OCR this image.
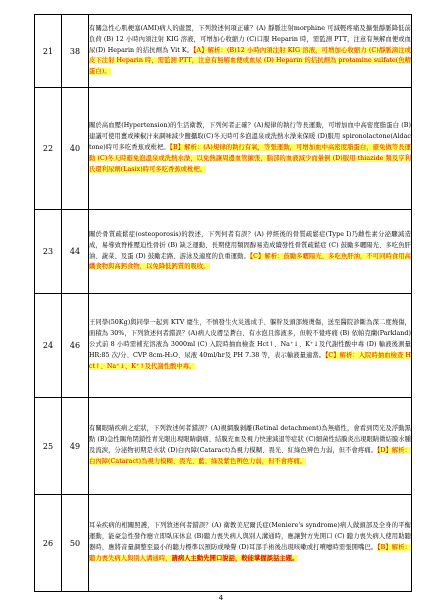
21	38	有關急性心肌梗塞(AMI)病人的處置，下列敘述何項正確？(A) 靜脈注射morphine 可減輕疼痛及擴張靜脈降低前負荷 (B) 12 小時內須注射 KIG 溶液，可增加心收縮力 (C)口服 Heparin 時，需監測 PTT，注意有無解血便或血尿(D) Heparin 的拮抗劑為 Vit K。【A】解析：(B)12 小時內須注射 KIG 溶液，可增加心收縮力 (C)靜脈滴注或皮下注射 Heparin 時，需監測 PTT，注意有無解血便或血尿 (D) Heparin 的拮抗劑為 protamine sulfate(魚精蛋白)。
22	40	關於高血壓(Hypertension)的生活衛教，下列何者正確？(A)規律的執行等長運動，可增加血中高密度脂蛋白 (B)建議可使用薑或辣椒汁來調味減少鹽攝取(C)冬天時可多泡溫泉或洗熱水澡來保暖 (D)服用 spironolactone(Aldactone)時可多吃香蕉或枇杷。【B】解析：(A)規律的執行有氧，等張運動，可增加血中高密度脂蛋白，避免做等長運動 (C)冬天時避免泡溫泉或洗熱水澡，以免熱讓周邊血管擴張，腦部的血液減少而暈倒 (D)服用 thiazide 類及亨利氏環利尿劑(Lasix)時可多吃香蕉或枇杷。
23	44	關於骨質疏鬆症(osteoporosis)的敘述，下列何者有誤？(A) 停經後的骨質疏鬆症(Type I)乃雌性素分泌驟減造成，易導致脊椎壓迫性骨折 (B) 缺乏運動、長期使用類固醇易造成續發性骨質疏鬆症 (C) 鼓勵多曬陽光、多吃魚肝油、蔬菜、及蛋 (D) 鼓勵走路、游泳及適度的負重運動。【C】解析：鼓勵多曬陽光、多吃魚肝油，不可同時食用高纖食物與高鈣食物，以免降低鈣質的吸收。
24	46	王同學(50Kg)與同學一起到 KTV 慶生，不慎發生火災逃成手、軀幹及頭部燒燙傷，送至醫院診斷為深二度燒傷，面積為 30%，下列敘述何者錯誤？(A)病人皮膚呈蒼白、有水泡且滲液多，但較不覺疼痛 (B) 依帕克蘭(Parkland)公式前 8 小時需補充溶液為 3000ml (C) 入院時抽血檢查 Hct↑、Na⁺↓、K⁺↓及代謝性酸中毒 (D) 輸液後測量 HR:85 次/分、CVP 8cm-H₂O、尿液 40ml/hr及 PH 7.38 等，表示輸液量適當。【C】解析：入院時抽血檢查 Hct↑、Na⁺↓、K⁺↑及代謝性酸中毒。
25	49	有關眼睛疾病之症狀，下列敘述何者錯誤？(A)視網膜剝離(Retinal detachment)為無痛性，會看到閃光及浮動黑點 (B)急性隅角閉鎖性青光眼出現眼睛劇痛、結膜充血及視力快速減退等症狀 (C)細菌性結膜炎出現眼睛微結膜水腫及流淚，分泌物初期是水狀 (D)白內障(Cataract)為視力模糊、畏光、紅綠色辨色力弱，但不會疼痛。【D】解析：白內障(Cataract)為視力模糊、畏光、藍、綠及紫色辨色力弱，但不會疼痛。
26	50	耳朵疾病的相關照護，下列敘述何者錯誤？(A) 衛教美尼爾氏症(Meniere's syndrome)病人做頭部及全身的平衡運動，能豪急性發作應立即臥床休息 (B)聽力喪失病人與別人溝通時，應讓對方先開口 (C) 聽力喪失病人使用助聽器時，應將音量調整至最小的聽力標準以預防或噪聲 (D)耳部手術後出現咳嗽或打噴嚏時需張開嘴巴。【B】解析：聽力喪失病人與別人溝通時，請病人主動先開口說話，較能掌握談話主題。
4
